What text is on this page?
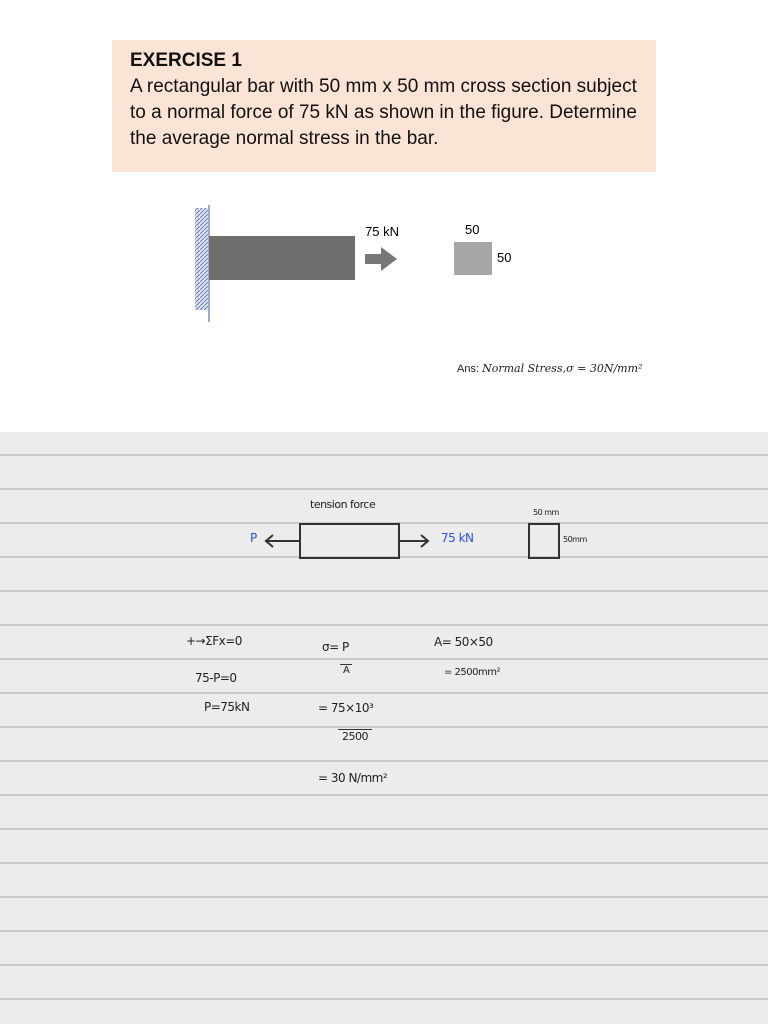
EXERCISE 1
A rectangular bar with 50 mm x 50 mm cross section subject to a normal force of 75 kN as shown in the figure. Determine the average normal stress in the bar.
75 kN	50
50
Ans: Normal Stress,σ = 30N/mm²
tension force
P	75 kN
50 mm
50mm
+→ΣFx=0
75-P=0
P=75kN
σ= P
A
= 75×10³
2500
= 30 N/mm²
A= 50×50
= 2500mm²
